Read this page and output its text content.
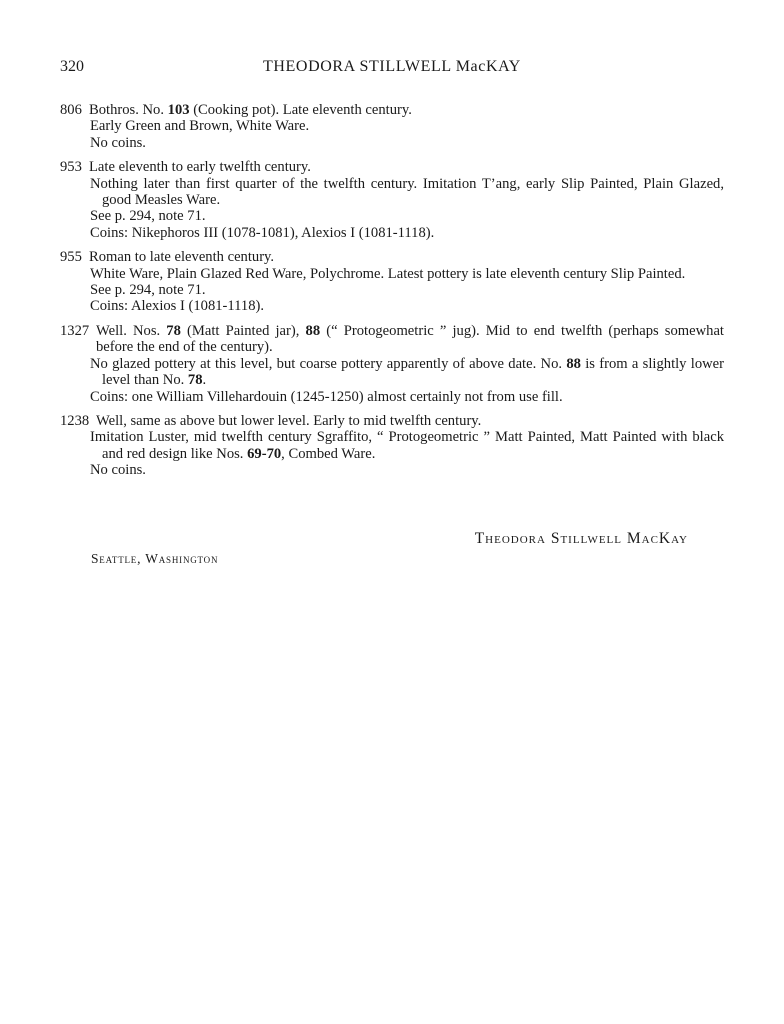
320	THEODORA STILLWELL MacKAY
806 Bothros. No. 103 (Cooking pot). Late eleventh century.
Early Green and Brown, White Ware.
No coins.
953 Late eleventh to early twelfth century.
Nothing later than first quarter of the twelfth century. Imitation T’ang, early Slip Painted, Plain Glazed, good Measles Ware.
See p. 294, note 71.
Coins: Nikephoros III (1078-1081), Alexios I (1081-1118).
955 Roman to late eleventh century.
White Ware, Plain Glazed Red Ware, Polychrome. Latest pottery is late eleventh century Slip Painted.
See p. 294, note 71.
Coins: Alexios I (1081-1118).
1327 Well. Nos. 78 (Matt Painted jar), 88 (“ Protogeometric ” jug). Mid to end twelfth (perhaps somewhat before the end of the century).
No glazed pottery at this level, but coarse pottery apparently of above date. No. 88 is from a slightly lower level than No. 78.
Coins: one William Villehardouin (1245-1250) almost certainly not from use fill.
1238 Well, same as above but lower level. Early to mid twelfth century.
Imitation Luster, mid twelfth century Sgraffito, “ Protogeometric ” Matt Painted, Matt Painted with black and red design like Nos. 69-70, Combed Ware.
No coins.
Theodora Stillwell MacKay
Seattle, Washington
